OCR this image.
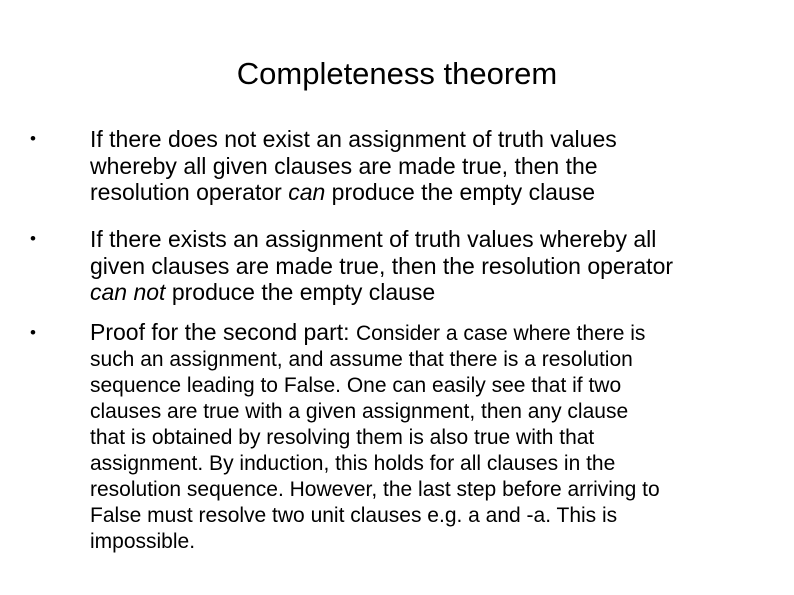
Completeness theorem
• If there does not exist an assignment of truth values
whereby all given clauses are made true, then the
resolution operator can produce the empty clause
• If there exists an assignment of truth values whereby all
given clauses are made true, then the resolution operator
can not produce the empty clause
• Proof for the second part: Consider a case where there is
such an assignment, and assume that there is a resolution
sequence leading to False. One can easily see that if two
clauses are true with a given assignment, then any clause
that is obtained by resolving them is also true with that
assignment. By induction, this holds for all clauses in the
resolution sequence. However, the last step before arriving to
False must resolve two unit clauses e.g. a and -a. This is
impossible.
